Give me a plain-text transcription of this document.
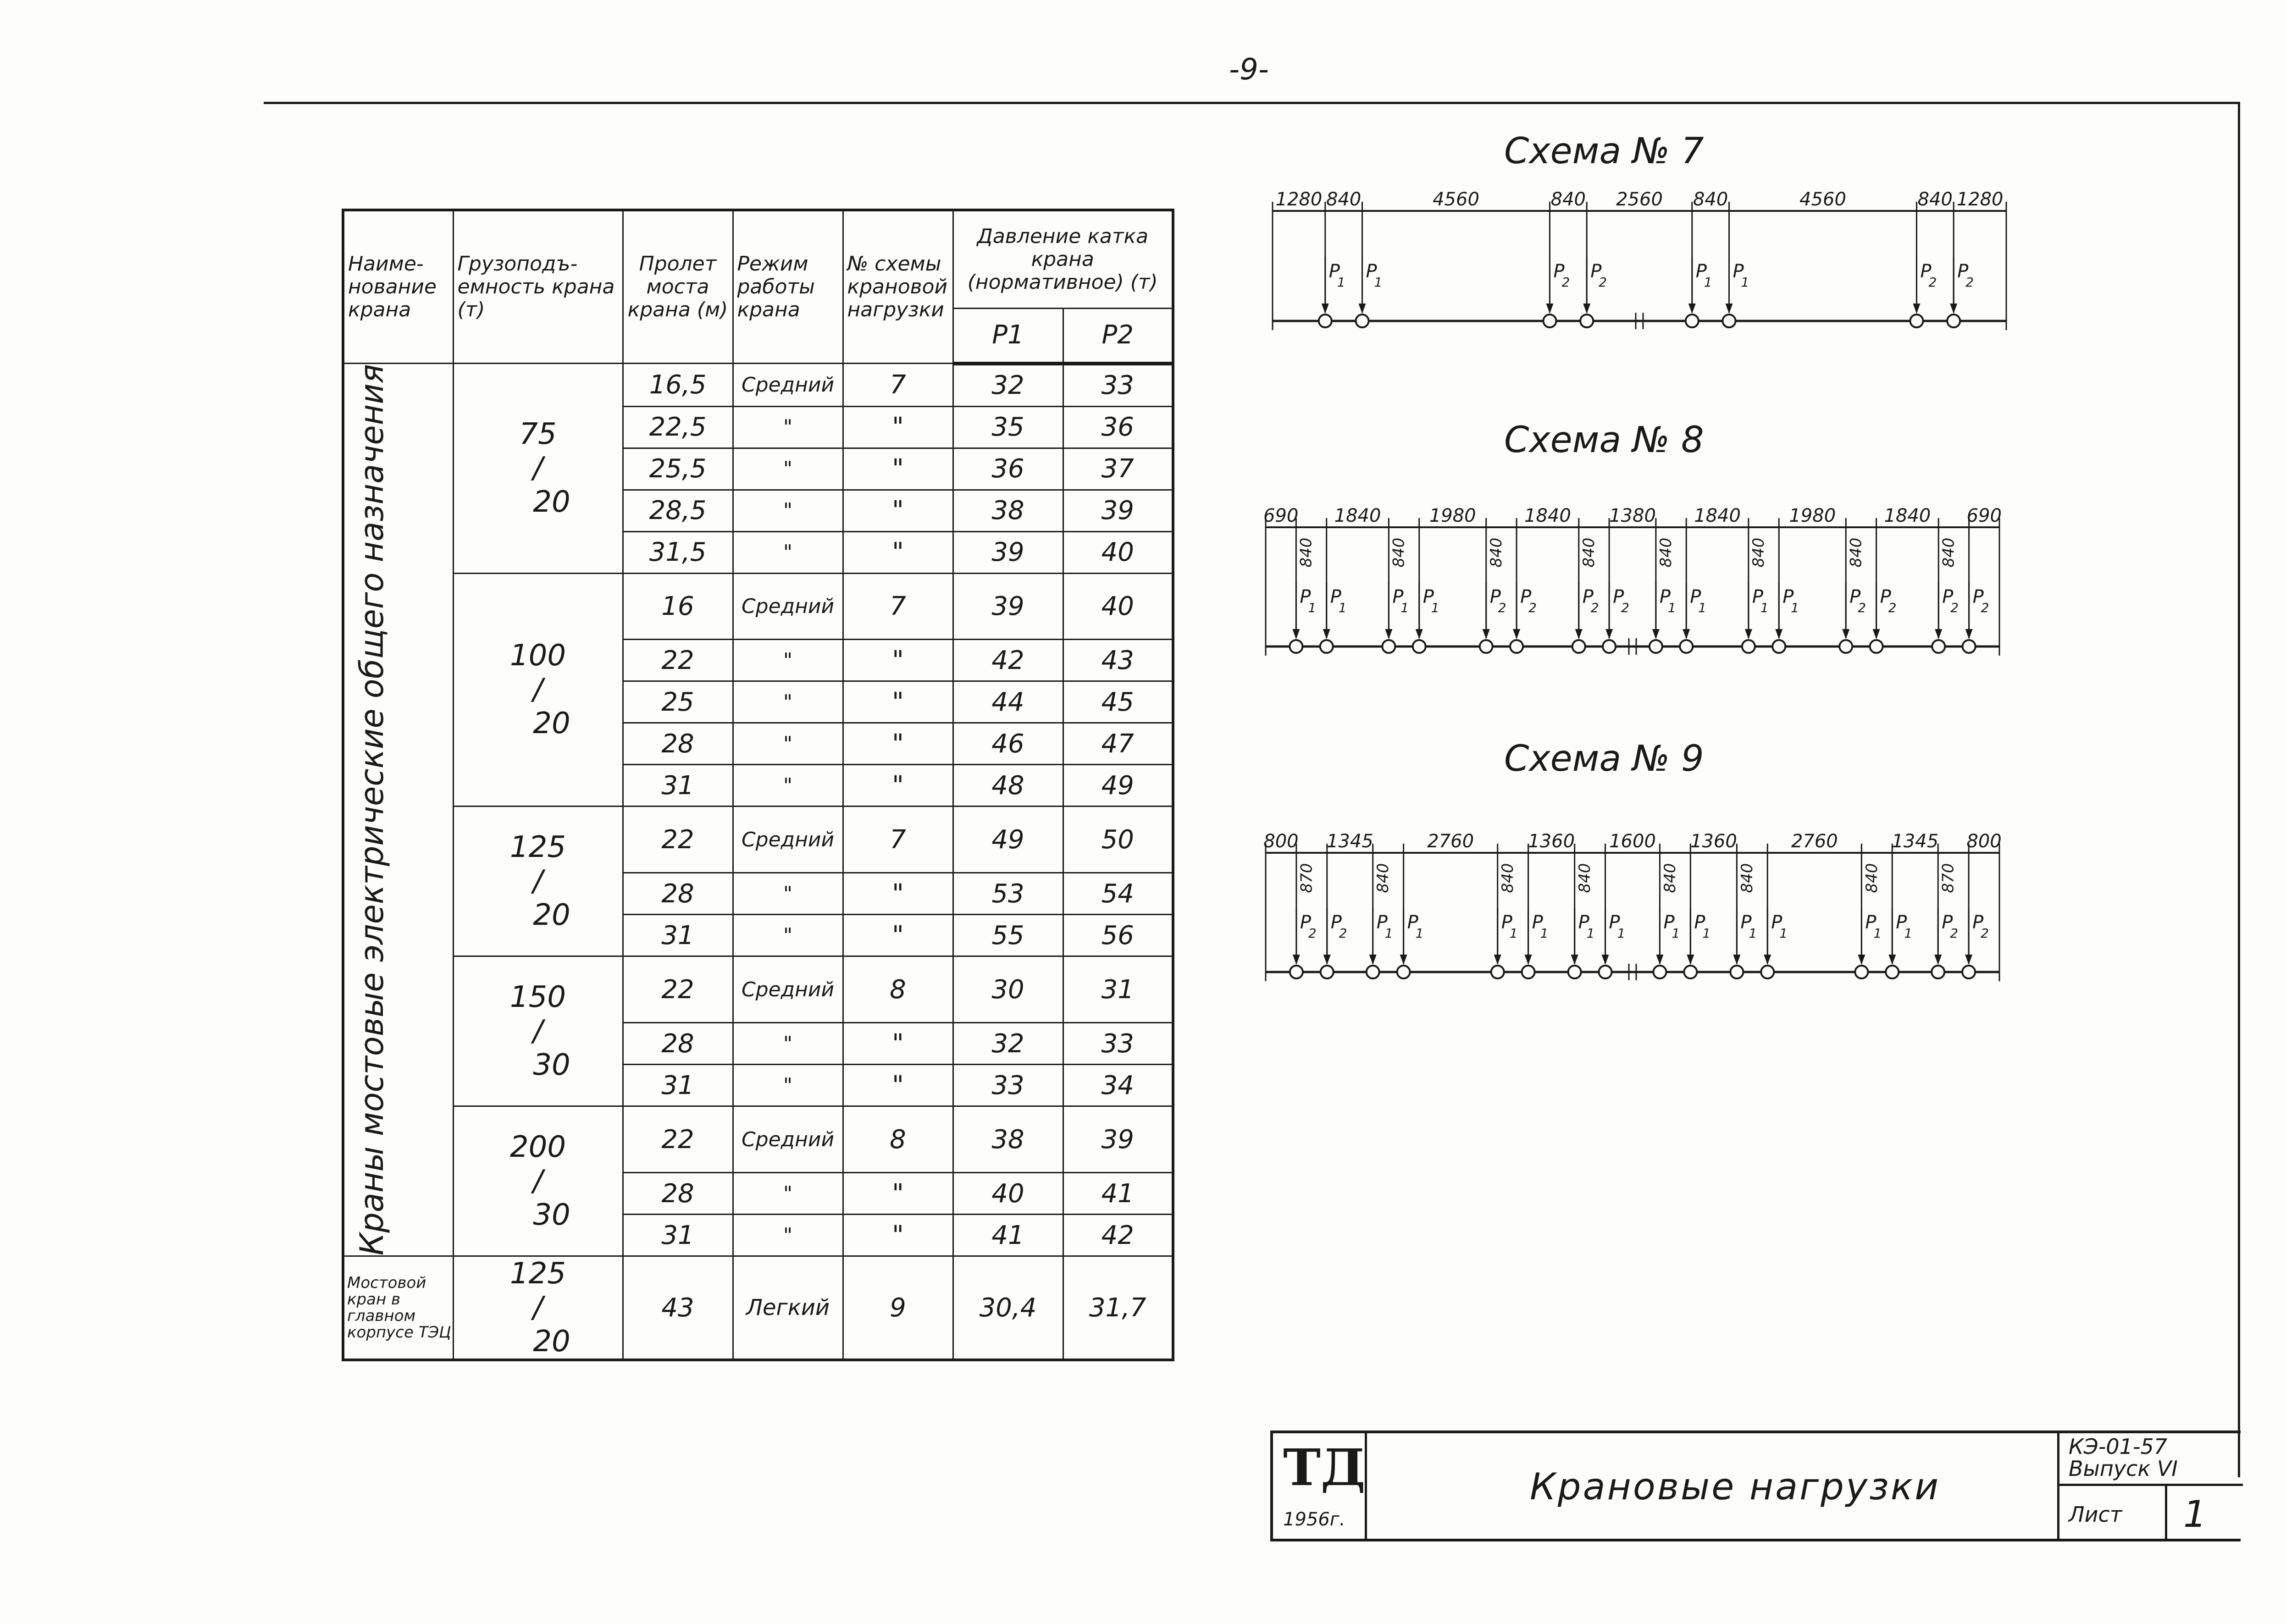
-9-
Наиме-нование крана	Грузоподъ-емность крана (т)	Пролет моста крана (м)	Режим работы крана	№ схемы крановой нагрузки	Давление катка крана (нормативное) (т)	
					P1	P2

Краны мостовые электрические общего назначения	75
/
20	16,5	Средний	7	32	33
		22,5	"	"	35	36
		25,5	"	"	36	37
		28,5	"	"	38	39
		31,5	"	"	39	40

	100
/
20	16	Средний	7	39	40
		22	"	"	42	43
		25	"	"	44	45
		28	"	"	46	47
		31	"	"	48	49

	125
/
20	22	Средний	7	49	50
		28	"	"	53	54
		31	"	"	55	56

	150
/
30	22	Средний	8	30	31
		28	"	"	32	33
		31	"	"	33	34

	200
/
30	22	Средний	8	38	39
		28	"	"	40	41
		31	"	"	41	42
Мостовой кран в главном корпусе ТЭЦ	125
/
20	43	Легкий	9	30,4	31,7
Схема № 7
1280 840	4560	840 2560 840	4560	840 1280
P
1
P
1
P
2
P
2
P
1
P
1
P
2
P
2
Схема № 8
690
840
1840
840
1980
840
1840
840
1380
840
1840
840
1980
840
1840
840
690
P
1
P
1
P
1
P
1
P
2
P
2
P
2
P
2
P
1
P
1
P
1
P
1
P
2
P
2
P
2
P
2
Схема № 9
800
870
1345
840
2760
840
1360
840
1600
840
1360
840
2760
840
1345
870
800
P
2
P
2
P
1
P
1
P
1
P
1
P
1
P
1
P
1
P
1
P
1
P
1
P
1
P
1
P
2
P
2
ТД
1956г.
Крановые нагрузки
КЭ-01-57
Выпуск VI
Лист 1
